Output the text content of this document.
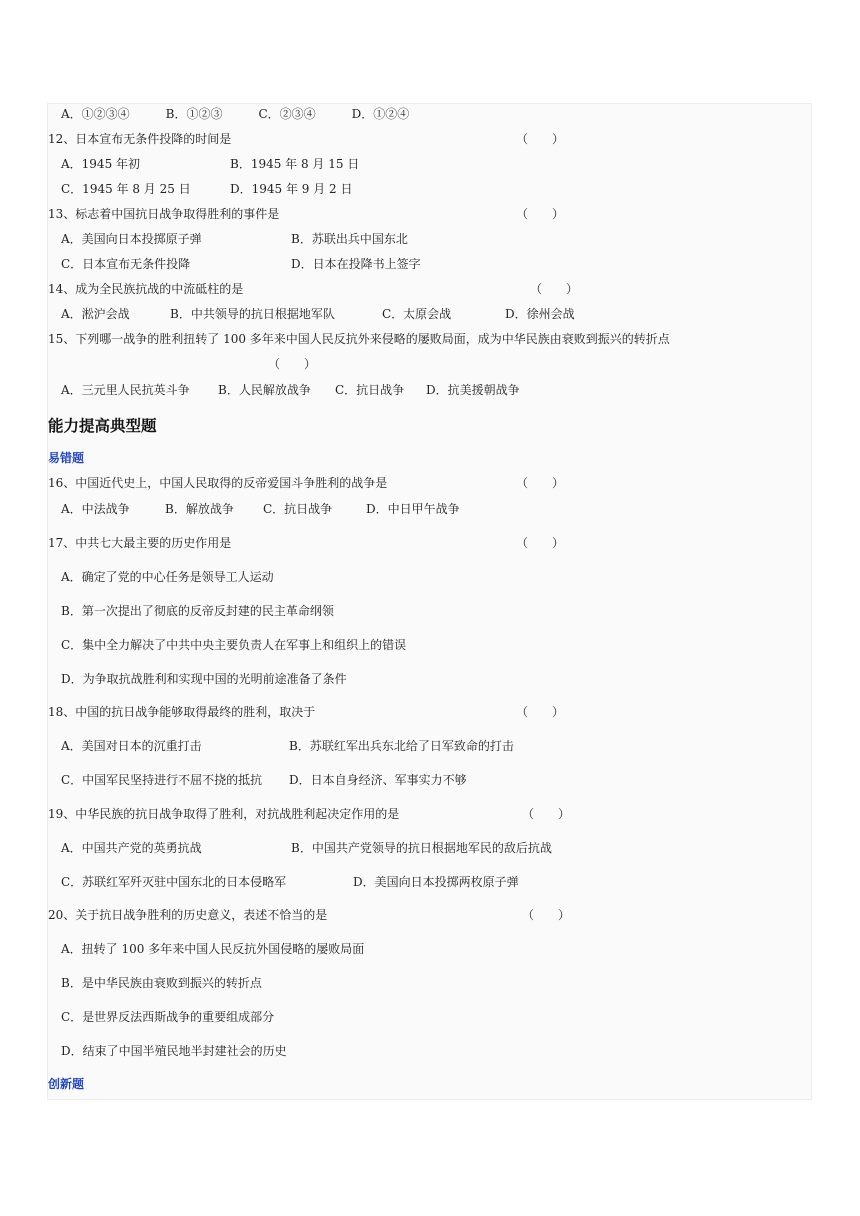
A．①②③④　　　B．①②③　　　C．②③④　　　D．①②④
12、日本宣布无条件投降的时间是	（　　）
A．1945 年初	B．1945 年 8 月 15 日
C．1945 年 8 月 25 日	D．1945 年 9 月 2 日
13、标志着中国抗日战争取得胜利的事件是	（　　）
A．美国向日本投掷原子弹	B．苏联出兵中国东北
C．日本宣布无条件投降	D．日本在投降书上签字
14、成为全民族抗战的中流砥柱的是	（　　）
A．淞沪会战	B．中共领导的抗日根据地军队	C．太原会战	D．徐州会战
15、下列哪一战争的胜利扭转了 100 多年来中国人民反抗外来侵略的屡败局面，成为中华民族由衰败到振兴的转折点
（　　）
A．三元里人民抗英斗争 B．人民解放战争 C．抗日战争 D．抗美援朝战争
能力提高典型题
易错题
16、中国近代史上，中国人民取得的反帝爱国斗争胜利的战争是	（　　）
A．中法战争	B．解放战争 C．抗日战争	D．中日甲午战争
17、中共七大最主要的历史作用是	（　　）
A．确定了党的中心任务是领导工人运动
B．第一次提出了彻底的反帝反封建的民主革命纲领
C．集中全力解决了中共中央主要负责人在军事上和组织上的错误
D．为争取抗战胜利和实现中国的光明前途准备了条件
18、中国的抗日战争能够取得最终的胜利，取决于	（　　）
A．美国对日本的沉重打击	B．苏联红军出兵东北给了日军致命的打击
C．中国军民坚持进行不屈不挠的抵抗 D．日本自身经济、军事实力不够
19、中华民族的抗日战争取得了胜利，对抗战胜利起决定作用的是	（　　）
A．中国共产党的英勇抗战	B．中国共产党领导的抗日根据地军民的敌后抗战
C．苏联红军歼灭驻中国东北的日本侵略军	D．美国向日本投掷两枚原子弹
20、关于抗日战争胜利的历史意义，表述不恰当的是	（　　）
A．扭转了 100 多年来中国人民反抗外国侵略的屡败局面
B．是中华民族由衰败到振兴的转折点
C．是世界反法西斯战争的重要组成部分
D．结束了中国半殖民地半封建社会的历史
创新题
